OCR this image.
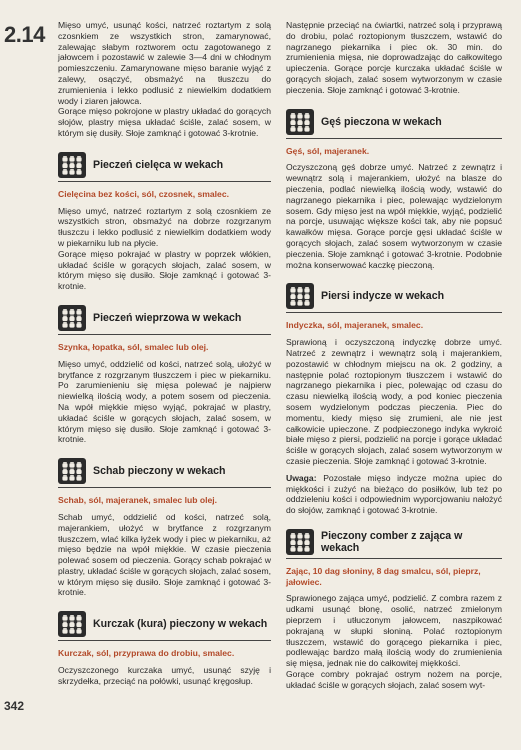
2.14 Mięso umyć, usunąć kości, natrzeć roztartym z solą czosnkiem ze wszystkich stron, zamarynować, zalewając słabym roztworem octu zagotowanego z jałowcem i pozostawić w zalewie 3—4 dni w chłodnym pomieszczeniu. Zamarynowane mięso baranie wyjąć z zalewy, osączyć, obsmażyć na tłuszczu do zrumienienia i lekko podlusić z niewielkim dodatkiem wody i ziaren jałowca.

Gorące mięso pokrojone w plastry układać do gorących słojów, plastry mięsa układać ściśle, zalać sosem, w którym się dusiły. Słoje zamknąć i gotować 3-krotnie.

Pieczeń cielęca w wekach
Cielęcina bez kości, sól, czosnek, smalec.

Mięso umyć, natrzeć roztartym z solą czosnkiem ze wszystkich stron, obsmażyć na dobrze rozgrzanym tłuszczu i lekko podlusić z niewielkim dodatkiem wody w piekarniku lub na płycie.

Gorące mięso pokrajać w plastry w poprzek włókien, układać ściśle w gorących słojach, zalać sosem, w którym mięso się dusiło. Słoje zamknąć i gotować 3-krotnie.

Pieczeń wieprzowa w wekach
Szynka, łopatka, sól, smalec lub olej.

Mięso umyć, oddzielić od kości, natrzeć solą, ułożyć w brytfance z rozgrzanym tłuszczem i piec w piekarniku. Po zarumienieniu się mięsa polewać je najpierw niewielką ilością wody, a potem sosem od pieczenia. Na wpół miękkie mięso wyjąć, pokrajać w plastry, układać ściśle w gorących słojach, zalać sosem, w którym mięso się dusiło. Słoje zamknąć i gotować 3-krotnie.

Schab pieczony w wekach
Schab, sól, majeranek, smalec lub olej.

Schab umyć, oddzielić od kości, natrzeć solą, majerankiem, ułożyć w brytfance z rozgrzanym tłuszczem, wlać kilka łyżek wody i piec w piekarniku, aż mięso będzie na wpół miękkie. W czasie pieczenia polewać sosem od pieczenia. Gorący schab pokrajać w plastry, układać ściśle w gorących słojach, zalać sosem, w którym mięso się dusiło. Słoje zamknąć i gotować 3-krotnie.

Kurczak (kura) pieczony w wekach
Kurczak, sól, przyprawa do drobiu, smalec.

Oczyszczonego kurczaka umyć, usunąć szyję i skrzydełka, przeciąć na połówki, usunąć kręgosłup.

Następnie przeciąć na ćwiartki, natrzeć solą i przyprawą do drobiu, polać roztopionym tłuszczem, wstawić do nagrzanego piekarnika i piec ok. 30 min. do zrumienienia mięsa, nie doprowadzając do całkowitego upieczenia. Gorące porcje kurczaka układać ściśle w gorących słojach, zalać sosem wytworzonym w czasie pieczenia. Słoje zamknąć i gotować 3-krotnie.

Gęś pieczona w wekach
Gęś, sól, majeranek.

Oczyszczoną gęś dobrze umyć. Natrzeć z zewnątrz i wewnątrz solą i majerankiem, ułożyć na blasze do pieczenia, podlać niewielką ilością wody, wstawić do nagrzanego piekarnika i piec, polewając wydzielonym sosem. Gdy mięso jest na wpół miękkie, wyjąć, podzielić na porcje, usuwając większe kości tak, aby nie popsuć kawałków mięsa. Gorące porcje gęsi układać ściśle w gorących słojach, zalać sosem wytworzonym w czasie pieczenia. Słoje zamknąć i gotować 3-krotnie. Podobnie można konserwować kaczkę pieczoną.

Piersi indycze w wekach
Indyczka, sól, majeranek, smalec.

Sprawioną i oczyszczoną indyczkę dobrze umyć. Natrzeć z zewnątrz i wewnątrz solą i majerankiem, pozostawić w chłodnym miejscu na ok. 2 godziny, a następnie polać roztopionym tłuszczem i wstawić do nagrzanego piekarnika i piec, polewając od czasu do czasu niewielką ilością wody, a pod koniec pieczenia sosem wydzielonym podczas pieczenia. Piec do momentu, kiedy mięso się zrumieni, ale nie jest całkowicie upieczone. Z podpieczonego indyka wykroić białe mięso z piersi, podzielić na porcje i gorące układać ściśle w gorących słojach, zalać sosem wytworzonym w czasie pieczenia. Słoje zamknąć i gotować 3-krotnie.

Uwaga: Pozostałe mięso indycze można upiec do miękkości i zużyć na bieżąco do posiłków, lub też po oddzieleniu kości i odpowiednim wyporcjowaniu nałożyć do słojów, zamknąć i gotować 3-krotnie.

Pieczony comber z zająca w wekach
Zając, 10 dag słoniny, 8 dag smalcu, sól, pieprz, jałowiec.

Sprawionego zająca umyć, podzielić. Z combra razem z udkami usunąć błonę, osolić, natrzeć zmielonym pieprzem i utłuczonym jałowcem, naszpikować pokrajaną w słupki słoniną. Polać roztopionym tłuszczem, wstawić do gorącego piekarnika i piec, podlewając bardzo małą ilością wody do zrumienienia się mięsa, jednak nie do całkowitej miękkości.

Gorące combry pokrajać ostrym nożem na porcje, układać ściśle w gorących słojach, zalać sosem wyt-

342
